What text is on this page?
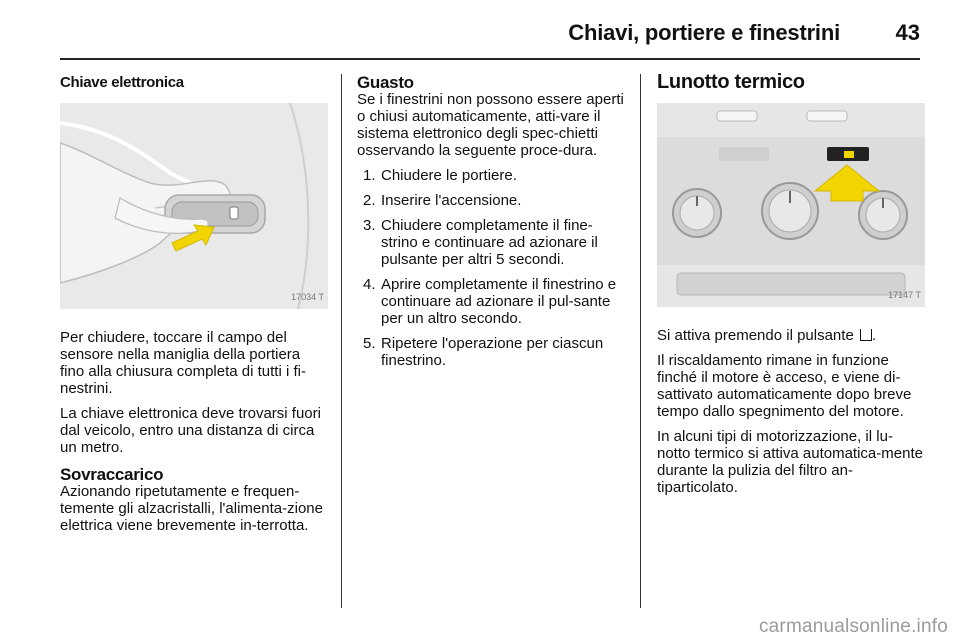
Chiavi, portiere e finestrini	43
Chiave elettronica
17034 T

Per chiudere, toccare il campo del sensore nella maniglia della portiera fino alla chiusura completa di tutti i fi-nestrini.

La chiave elettronica deve trovarsi fuori dal veicolo, entro una distanza di circa un metro.

Sovraccarico

Azionando ripetutamente e frequen-temente gli alzacristalli, l'alimenta-zione elettrica viene brevemente in-terrotta.

Guasto

Se i finestrini non possono essere aperti o chiusi automaticamente, atti-vare il sistema elettronico degli spec-chietti osservando la seguente proce-dura.

1. Chiudere le portiere.
2. Inserire l'accensione.
3. Chiudere completamente il fine-strino e continuare ad azionare il pulsante per altri 5 secondi.
4. Aprire completamente il finestrino e continuare ad azionare il pul-sante per un altro secondo.
5. Ripetere l'operazione per ciascun finestrino.
Lunotto termico
17147 T

Si attiva premendo il pulsante .

Il riscaldamento rimane in funzione finché il motore è acceso, e viene di-sattivato automaticamente dopo breve tempo dallo spegnimento del motore.

In alcuni tipi di motorizzazione, il lu-notto termico si attiva automatica-mente durante la pulizia del filtro an-tiparticolato.

carmanualsonline.info
